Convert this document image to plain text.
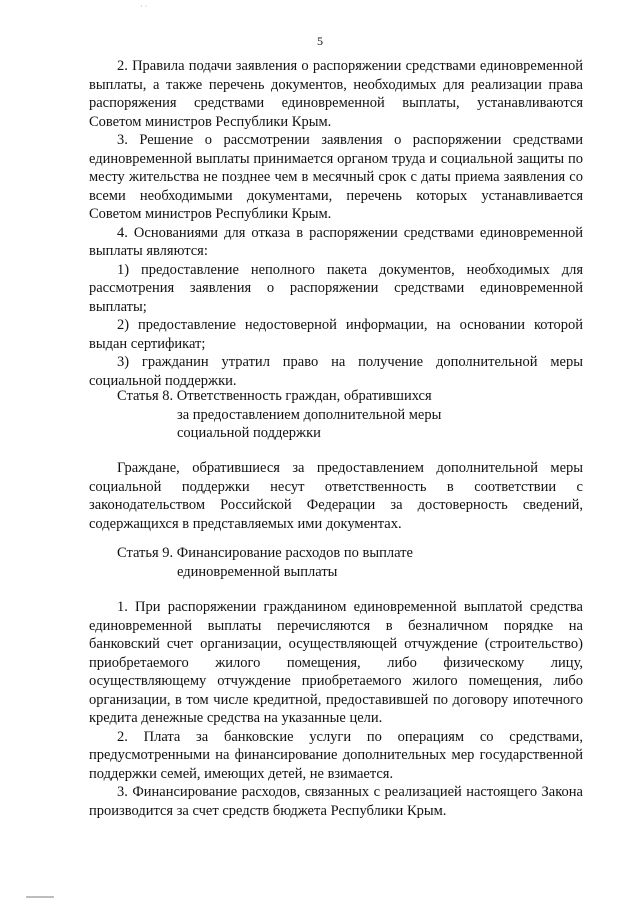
· ·
5

2. Правила подачи заявления о распоряжении средствами единовременной выплаты, а также перечень документов, необходимых для реализации права распоряжения средствами единовременной выплаты, устанавливаются Советом министров Республики Крым.

3. Решение о рассмотрении заявления о распоряжении средствами единовременной выплаты принимается органом труда и социальной защиты по месту жительства не позднее чем в месячный срок с даты приема заявления со всеми необходимыми документами, перечень которых устанавливается Советом министров Республики Крым.

4. Основаниями для отказа в распоряжении средствами единовременной выплаты являются:

1) предоставление неполного пакета документов, необходимых для рассмотрения заявления о распоряжении средствами единовременной выплаты;

2) предоставление недостоверной информации, на основании которой выдан сертификат;

3) гражданин утратил право на получение дополнительной меры социальной поддержки.

Статья 8. Ответственность граждан, обратившихся
за предоставлением дополнительной меры
социальной поддержки

Граждане, обратившиеся за предоставлением дополнительной меры социальной поддержки несут ответственность в соответствии с законодательством Российской Федерации за достоверность сведений, содержащихся в представляемых ими документах.

Статья 9. Финансирование расходов по выплате
единовременной выплаты

1. При распоряжении гражданином единовременной выплатой средства единовременной выплаты перечисляются в безналичном порядке на банковский счет организации, осуществляющей отчуждение (строительство) приобретаемого жилого помещения, либо физическому лицу, осуществляющему отчуждение приобретаемого жилого помещения, либо организации, в том числе кредитной, предоставившей по договору ипотечного кредита денежные средства на указанные цели.

2. Плата за банковские услуги по операциям со средствами, предусмотренными на финансирование дополнительных мер государственной поддержки семей, имеющих детей, не взимается.

3. Финансирование расходов, связанных с реализацией настоящего Закона производится за счет средств бюджета Республики Крым.
